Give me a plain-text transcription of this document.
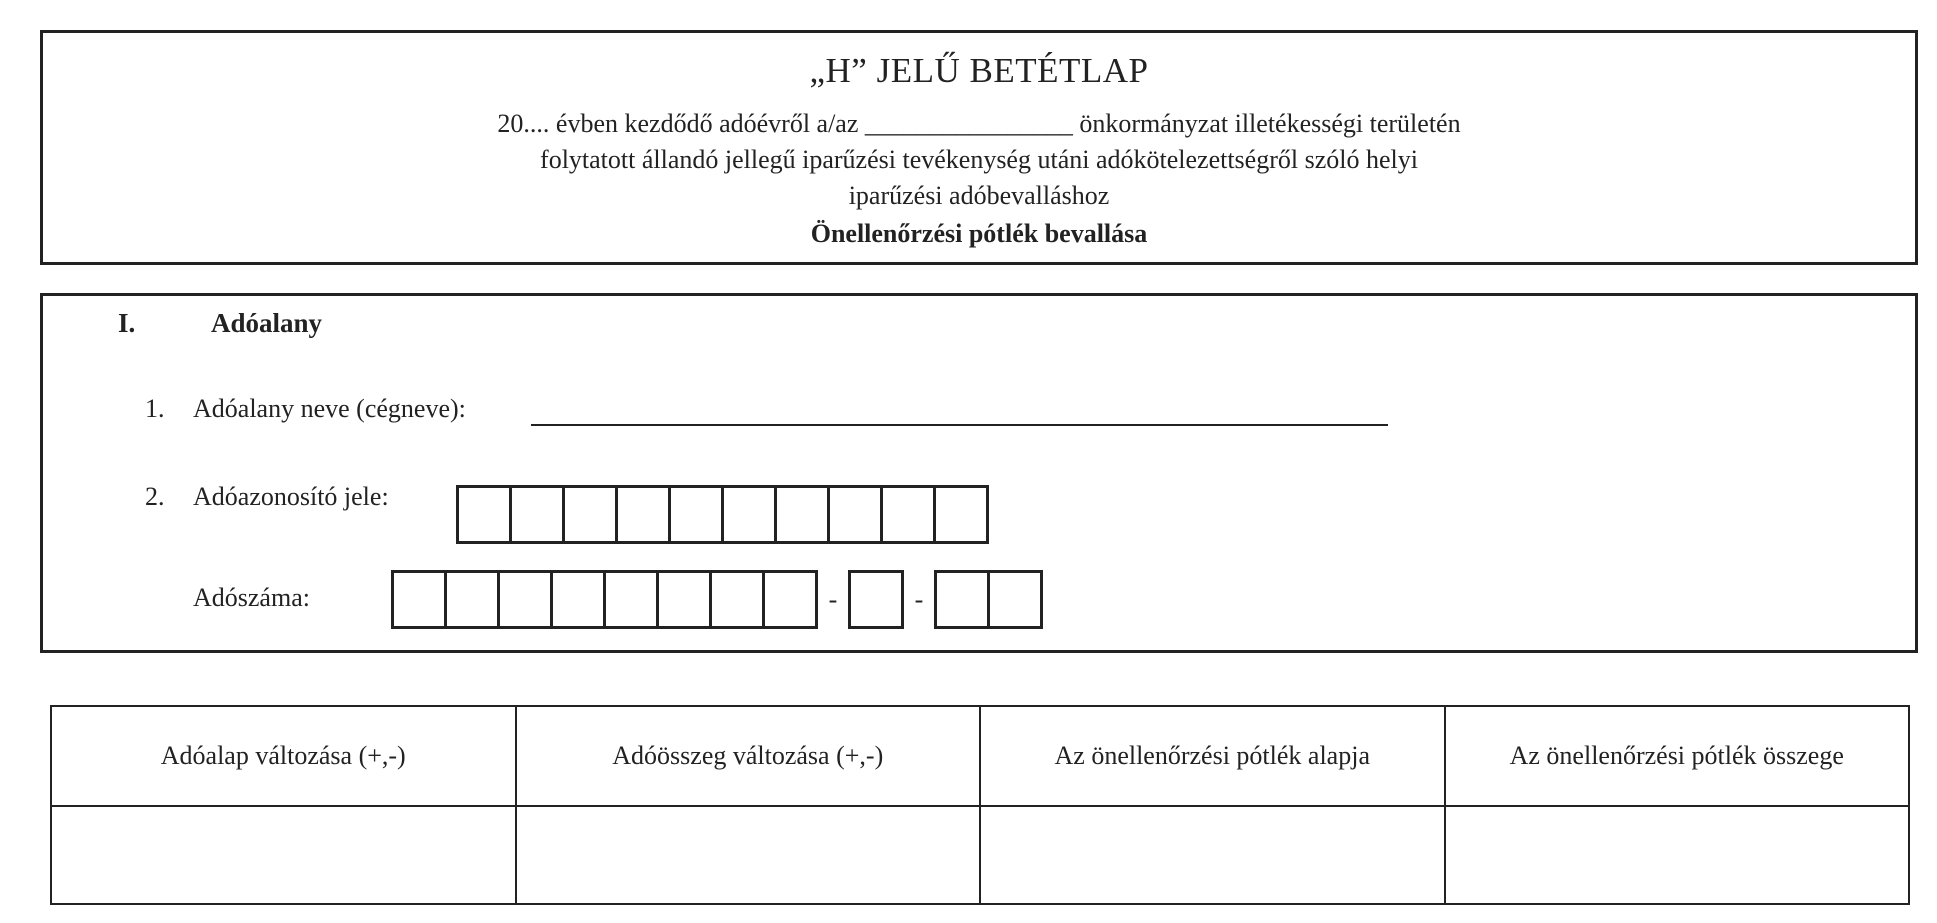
„H” JELŰ BETÉTLAP
20.... évben kezdődő adóévről a/az ________________ önkormányzat illetékességi területén
folytatott állandó jellegű iparűzési tevékenység utáni adókötelezettségről szóló helyi
iparűzési adóbevalláshoz
Önellenőrzési pótlék bevallása
I.	Adóalany
1. Adóalany neve (cégneve):
2. Adóazonosító jele:
Adószáma:	-	-
Adóalap változása (+,-)	Adóösszeg változása (+,-)	Az önellenőrzési pótlék alapja	Az önellenőrzési pótlék összege
